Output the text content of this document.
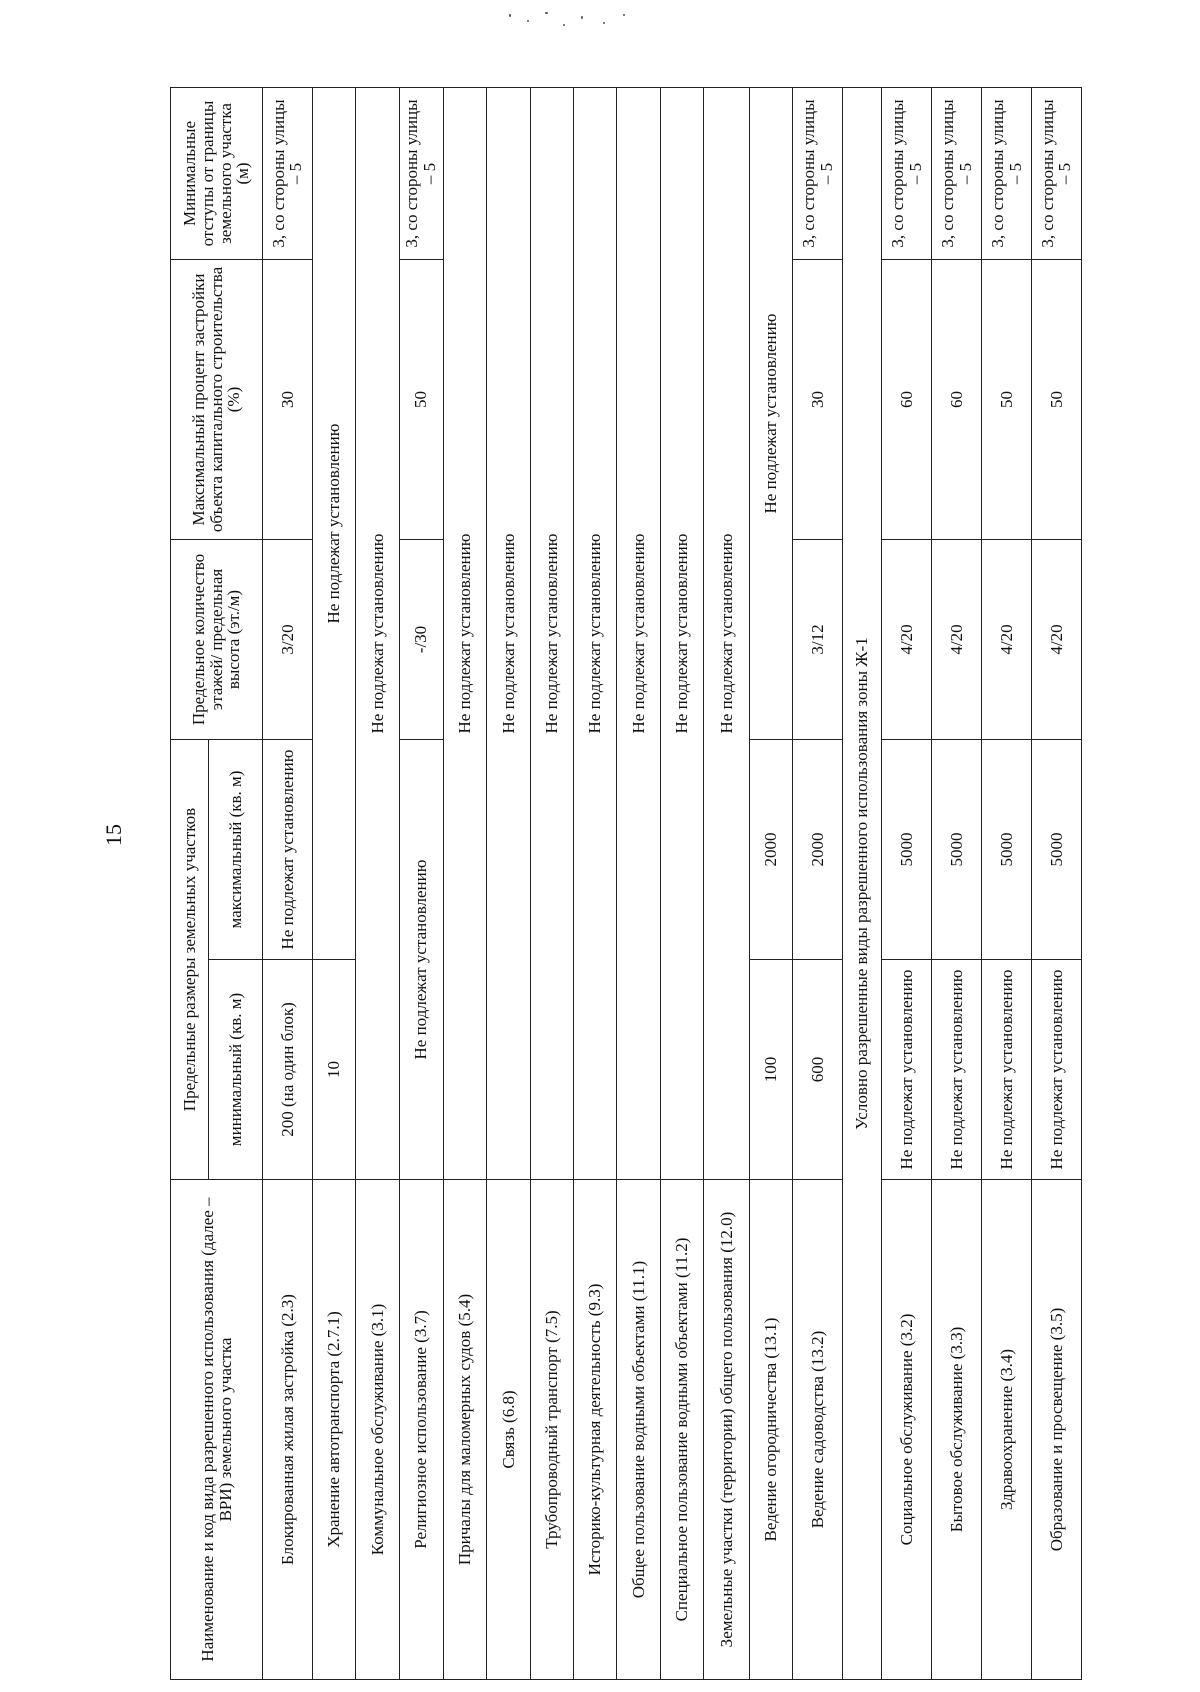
15
Наименование и код вида разрешенного использования (далее – ВРИ) земельного участка	Предельные размеры земельных участков		Предельное количество этажей/ предельная высота (эт./м)	Максимальный процент застройки объекта капитального строительства (%)	Минимальные отступы от границы земельного участка (м)
	минимальный (кв. м)	максимальный (кв. м)			
Блокированная жилая застройка (2.3)	200 (на один блок)	Не подлежат установлению	3/20	30	3, со стороны улицы – 5
Хранение автотранспорта (2.7.1)	10	Не подлежат установлению			
Коммунальное обслуживание (3.1)	Не подлежат установлению				
Религиозное использование (3.7)	Не подлежат установлению		-/30	50	3, со стороны улицы – 5
Причалы для маломерных судов (5.4)	Не подлежат установлению				
Связь (6.8)	Не подлежат установлению				
Трубопроводный транспорт (7.5)	Не подлежат установлению				
Историко-культурная деятельность (9.3)	Не подлежат установлению				
Общее пользование водными объектами (11.1)	Не подлежат установлению				
Специальное пользование водными объектами (11.2)	Не подлежат установлению				
Земельные участки (территории) общего пользования (12.0)	Не подлежат установлению				
Ведение огородничества (13.1)	100	2000	Не подлежат установлению		
Ведение садоводства (13.2)	600	2000	3/12	30	3, со стороны улицы – 5
Условно разрешенные виды разрешенного использования зоны Ж-1					
Социальное обслуживание (3.2)	Не подлежат установлению	5000	4/20	60	3, со стороны улицы – 5
Бытовое обслуживание (3.3)	Не подлежат установлению	5000	4/20	60	3, со стороны улицы – 5
Здравоохранение (3.4)	Не подлежат установлению	5000	4/20	50	3, со стороны улицы – 5
Образование и просвещение (3.5)	Не подлежат установлению	5000	4/20	50	3, со стороны улицы – 5
